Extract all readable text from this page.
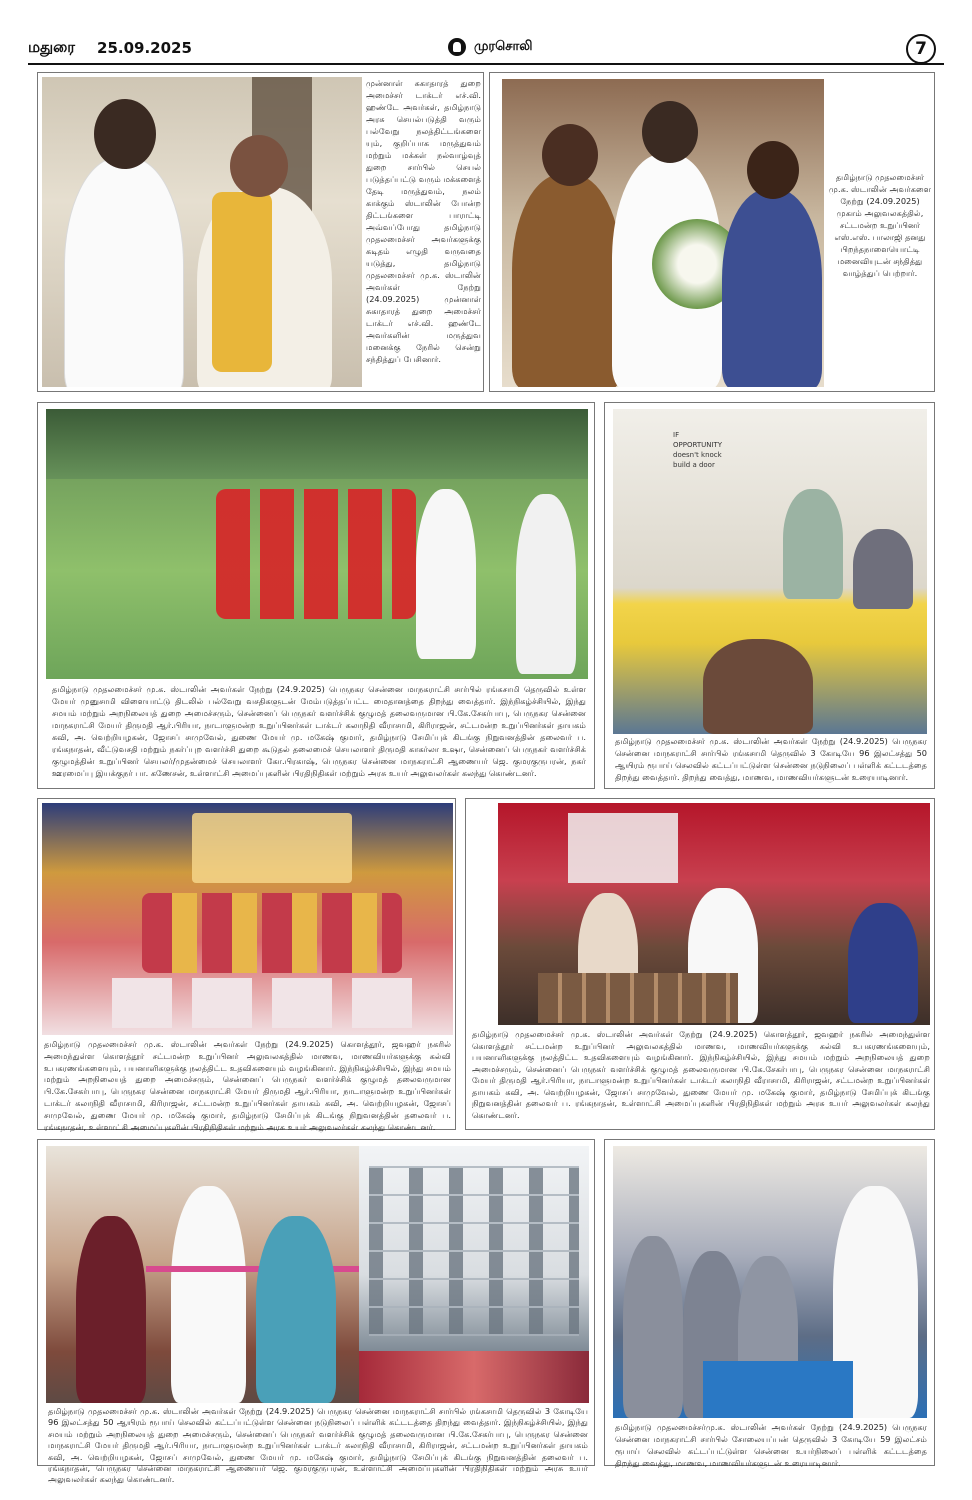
மதுரை 25.09.2025	முரசொலி	7
முன்னாள் சுகாதாரத் துறை அமைச்சர் டாக்டர் எச்.வி. ஹண்டே அவர்கள், தமிழ்நாடு அரசு செயல்படுத்தி வரும் பல்வேறு நலத்திட்டங்களை யும், குறிப்பாக மருத்துவம் மற்றும் மக்கள் நல்வாழ்வுத் துறை சார்பில் செயல் படுத்தப்பட்டு வரும் மக்களைத் தேடி மருத்துவம், நலம் காக்கும் ஸ்டாலின் போன்ற திட்டங்களை பாராட்டி அவ்வப்போது தமிழ்நாடு முதலமைச்சர் அவர்களுக்கு கடிதம் எழுதி வருவதை யடுத்து, தமிழ்நாடு முதலமைச்சர் மு.க. ஸ்டாலின் அவர்கள் நேற்று (24.09.2025) முன்னாள் சுகாதாரத் துறை அமைச்சர் டாக்டர் எச்.வி. ஹண்டே அவர்களின் மருத்துவ மனைக்கு நேரில் சென்று சந்தித்துப் பேசினார்.
தமிழ்நாடு முதலமைச்சர் மு.க. ஸ்டாலின் அவர்களை நேற்று (24.09.2025) முகாம் அலுவலகத்தில், சட்டமன்ற உறுப்பினர் எஸ்.எஸ். பாலாஜி தனது பிறந்தநாளையொட்டி மனைவியுடன் சந்தித்து வாழ்த்துப் பெற்றார்.
தமிழ்நாடு முதலமைச்சர் மு.க. ஸ்டாலின் அவர்கள் நேற்று (24.9.2025) பெருநகர சென்னை மாநகராட்சி சார்பில் ரங்கசாமி தெருவில் உள்ள மேயர் முனுசாமி விளையாட்டு திடலில் பல்வேறு வசதிகளுடன் மேம்படுத்தப்பட்ட மைதானத்தை திறந்து வைத்தார். இந்நிகழ்ச்சியில், இந்து சமயம் மற்றும் அறநிலையத் துறை அமைச்சரும், சென்னைப் பெருநகர் வளர்ச்சிக் குழுமத் தலைவருமான பி.கே.சேகர்பாபு, பெருநகர சென்னை மாநகராட்சி மேயர் திருமதி ஆர்.பிரியா, நாடாளுமன்ற உறுப்பினர்கள் டாக்டர் கலாநிதி வீராசாமி, கிரிராஜன், சட்டமன்ற உறுப்பினர்கள் தாயகம் கவி, அ. வெற்றியழகன், ஜோசப் சாமுவேல், துணை மேயர் மு. மகேஷ் குமார், தமிழ்நாடு சேமிப்புக் கிடங்கு நிறுவனத்தின் தலைவர் ப. ரங்கநாதன், வீட்டுவசதி மற்றும் நகர்ப்புற வளர்ச்சி துறை கூடுதல் தலைமைச் செயலாளர் திருமதி காகர்லா உஷா, சென்னைப் பெருநகர் வளர்ச்சிக் குழுமத்தின் உறுப்பினர் செயலர்/முதன்மைச் செயலாளர் கோ.பிரகாஷ், பெருநகர சென்னை மாநகராட்சி ஆணையர் ஜெ. குமரகுருபரன், நகர் ஊரமைப்பு இயக்குநர் பா. கணேசன், உள்ளாட்சி அமைப்புகளின் பிரதிநிதிகள் மற்றும் அரசு உயர் அலுவலர்கள் கலந்து கொண்டனர்.
IF
OPPORTUNITY
doesn't knock
build a door
தமிழ்நாடு முதலமைச்சர் மு.க. ஸ்டாலின் அவர்கள் நேற்று (24.9.2025) பெருநகர சென்னை மாநகராட்சி சார்பில் ரங்கசாமி தெருவில் 3 கோடியே 96 இலட்சத்து 50 ஆயிரம் ரூபாய் செலவில் கட்டப்பட்டுள்ள சென்னை நடுநிலைப் பள்ளிக் கட்டடத்தை திறந்து வைத்தார். திறந்து வைத்து, மாணவ, மாணவியர்களுடன் உரையாடினார்.
தமிழ்நாடு முதலமைச்சர் மு.க. ஸ்டாலின் அவர்கள் நேற்று (24.9.2025) கொளத்தூர், ஜவஹர் நகரில் அமைந்துள்ள கொளத்தூர் சட்டமன்ற உறுப்பினர் அலுவலகத்தில் மாணவ, மாணவியர்களுக்கு கல்வி உபகரணங்களையும், பயனாளிகளுக்கு நலத்திட்ட உதவிகளையும் வழங்கினார். இந்நிகழ்ச்சியில், இந்து சமயம் மற்றும் அறநிலையத் துறை அமைச்சரும், சென்னைப் பெருநகர் வளர்ச்சிக் குழுமத் தலைவருமான பி.கே.சேகர்பாபு, பெருநகர சென்னை மாநகராட்சி மேயர் திருமதி ஆர்.பிரியா, நாடாளுமன்ற உறுப்பினர்கள் டாக்டர் கலாநிதி வீராசாமி, கிரிராஜன், சட்டமன்ற உறுப்பினர்கள் தாயகம் கவி, அ. வெற்றியழகன், ஜோசப் சாமுவேல், துணை மேயர் மு. மகேஷ் குமார், தமிழ்நாடு சேமிப்புக் கிடங்கு நிறுவனத்தின் தலைவர் ப. ரங்கநாதன், உள்ளாட்சி அமைப்புகளின் பிரதிநிதிகள் மற்றும் அரசு உயர் அலுவலர்கள் கலந்து கொண்டனர்.
தமிழ்நாடு முதலமைச்சர் மு.க. ஸ்டாலின் அவர்கள் நேற்று (24.9.2025) கொளத்தூர், ஜவஹர் நகரில் அமைந்துள்ள கொளத்தூர் சட்டமன்ற உறுப்பினர் அலுவலகத்தில் மாணவ, மாணவியர்களுக்கு கல்வி உபகரணங்களையும், பயனாளிகளுக்கு நலத்திட்ட உதவிகளையும் வழங்கினார். இந்நிகழ்ச்சியில், இந்து சமயம் மற்றும் அறநிலையத் துறை அமைச்சரும், சென்னைப் பெருநகர் வளர்ச்சிக் குழுமத் தலைவருமான பி.கே.சேகர்பாபு, பெருநகர சென்னை மாநகராட்சி மேயர் திருமதி ஆர்.பிரியா, நாடாளுமன்ற உறுப்பினர்கள் டாக்டர் கலாநிதி வீராசாமி, கிரிராஜன், சட்டமன்ற உறுப்பினர்கள் தாயகம் கவி, அ. வெற்றியழகன், ஜோசப் சாமுவேல், துணை மேயர் மு. மகேஷ் குமார், தமிழ்நாடு சேமிப்புக் கிடங்கு நிறுவனத்தின் தலைவர் ப. ரங்கநாதன், உள்ளாட்சி அமைப்புகளின் பிரதிநிதிகள் மற்றும் அரசு உயர் அலுவலர்கள் கலந்து கொண்டனர்.
தமிழ்நாடு முதலமைச்சர் மு.க. ஸ்டாலின் அவர்கள் நேற்று (24.9.2025) பெருநகர சென்னை மாநகராட்சி சார்பில் ரங்கசாமி தெருவில் 3 கோடியே 96 இலட்சத்து 50 ஆயிரம் ரூபாய் செலவில் கட்டப்பட்டுள்ள சென்னை நடுநிலைப் பள்ளிக் கட்டடத்தை திறந்து வைத்தார். இந்நிகழ்ச்சியில், இந்து சமயம் மற்றும் அறநிலையத் துறை அமைச்சரும், சென்னைப் பெருநகர் வளர்ச்சிக் குழுமத் தலைவருமான பி.கே.சேகர்பாபு, பெருநகர சென்னை மாநகராட்சி மேயர் திருமதி ஆர்.பிரியா, நாடாளுமன்ற உறுப்பினர்கள் டாக்டர் கலாநிதி வீராசாமி, கிரிராஜன், சட்டமன்ற உறுப்பினர்கள் தாயகம் கவி, அ. வெற்றியழகன், ஜோசப் சாமுவேல், துணை மேயர் மு. மகேஷ் குமார், தமிழ்நாடு சேமிப்புக் கிடங்கு நிறுவனத்தின் தலைவர் ப. ரங்கநாதன், பெருநகர சென்னை மாநகராட்சி ஆணையர் ஜெ. குமரகுருபரன், உள்ளாட்சி அமைப்புகளின் பிரதிநிதிகள் மற்றும் அரசு உயர் அலுவலர்கள் கலந்து கொண்டனர்.
தமிழ்நாடு முதலமைச்சர்மு.க. ஸ்டாலின் அவர்கள் நேற்று (24.9.2025) பெருநகர சென்னை மாநகராட்சி சார்பில் சோலையப்பன் தெருவில் 3 கோடியே 59 இலட்சம் ரூபாய் செலவில் கட்டப்பட்டுள்ள சென்னை உயர்நிலைப் பள்ளிக் கட்டடத்தை திறந்து வைத்து, மாணவ, மாணவியர்களுடன் உரையாடினார்.
